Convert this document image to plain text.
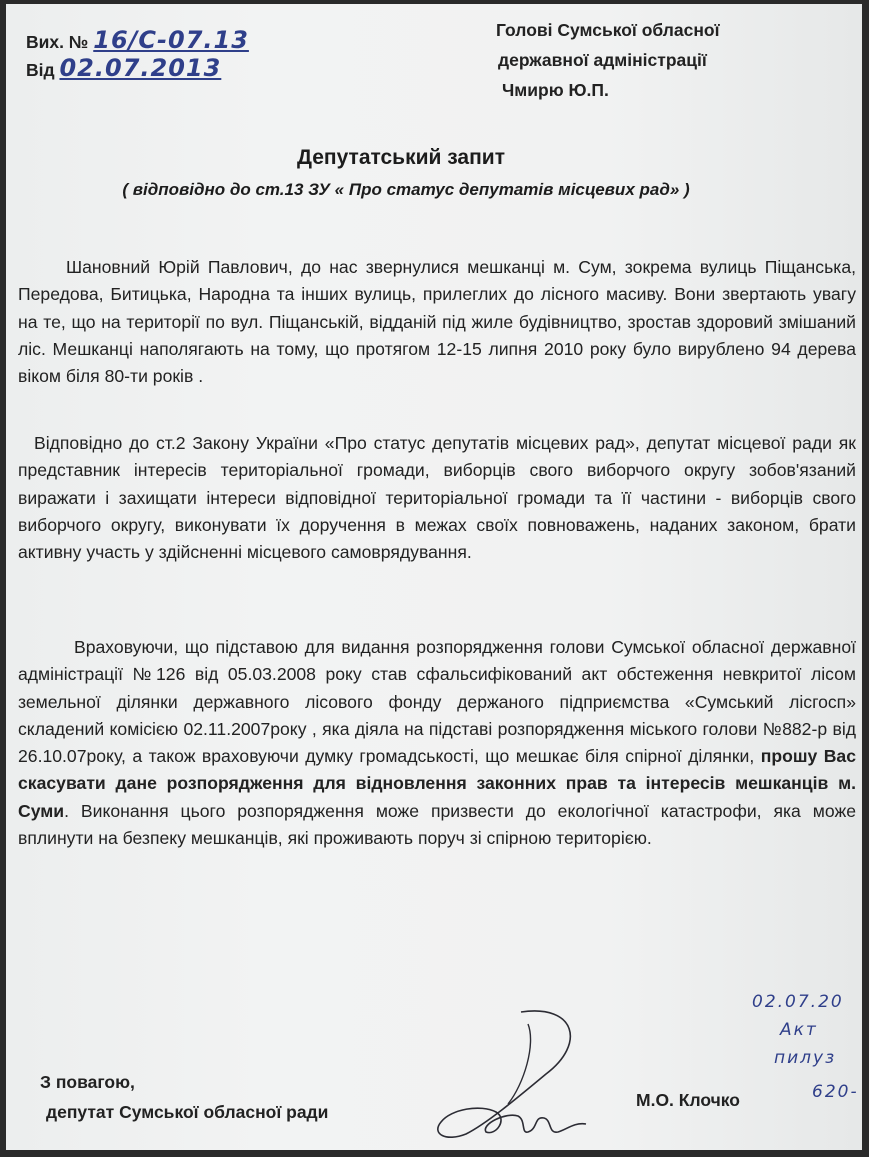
Вих. № 16/С-07.13
Від 02.07.2013
Голові Сумської обласної
державної адміністрації
Чмирю Ю.П.
Депутатський запит
( відповідно до ст.13 ЗУ « Про статус депутатів місцевих рад» )
Шановний Юрій Павлович, до нас звернулися мешканці м. Сум, зокрема вулиць Піщанська, Передова, Битицька, Народна та інших вулиць, прилеглих до лісного масиву. Вони звертають увагу на те, що на території по вул. Піщанській, відданій під жиле будівництво, зростав здоровий змішаний ліс. Мешканці наполягають на тому, що протягом 12-15 липня 2010 року було вирублено 94 дерева віком біля 80-ти років .
Відповідно до ст.2 Закону України «Про статус депутатів місцевих рад», депутат місцевої ради як представник інтересів територіальної громади, виборців свого виборчого округу зобов'язаний виражати і захищати інтереси відповідної територіальної громади та її частини - виборців свого виборчого округу, виконувати їх доручення в межах своїх повноважень, наданих законом, брати активну участь у здійсненні місцевого самоврядування.
Враховуючи, що підставою для видання розпорядження голови Сумської обласної державної адміністрації №126 від 05.03.2008 року став сфальсифікований акт обстеження невкритої лісом земельної ділянки державного лісового фонду держаного підприємства «Сумський лісгосп» складений комісією 02.11.2007року , яка діяла на підставі розпорядження міського голови №882-р від 26.10.07року, а також враховуючи думку громадськості, що мешкає біля спірної ділянки, прошу Вас скасувати дане розпорядження для відновлення законних прав та інтересів мешканців м. Суми. Виконання цього розпорядження може призвести до екологічної катастрофи, яка може вплинути на безпеку мешканців, які проживають поруч зі спірною територією.
02.07.20
Акт
пилуз
620-
З повагою,
депутат Сумської обласної ради
М.О. Клочко
